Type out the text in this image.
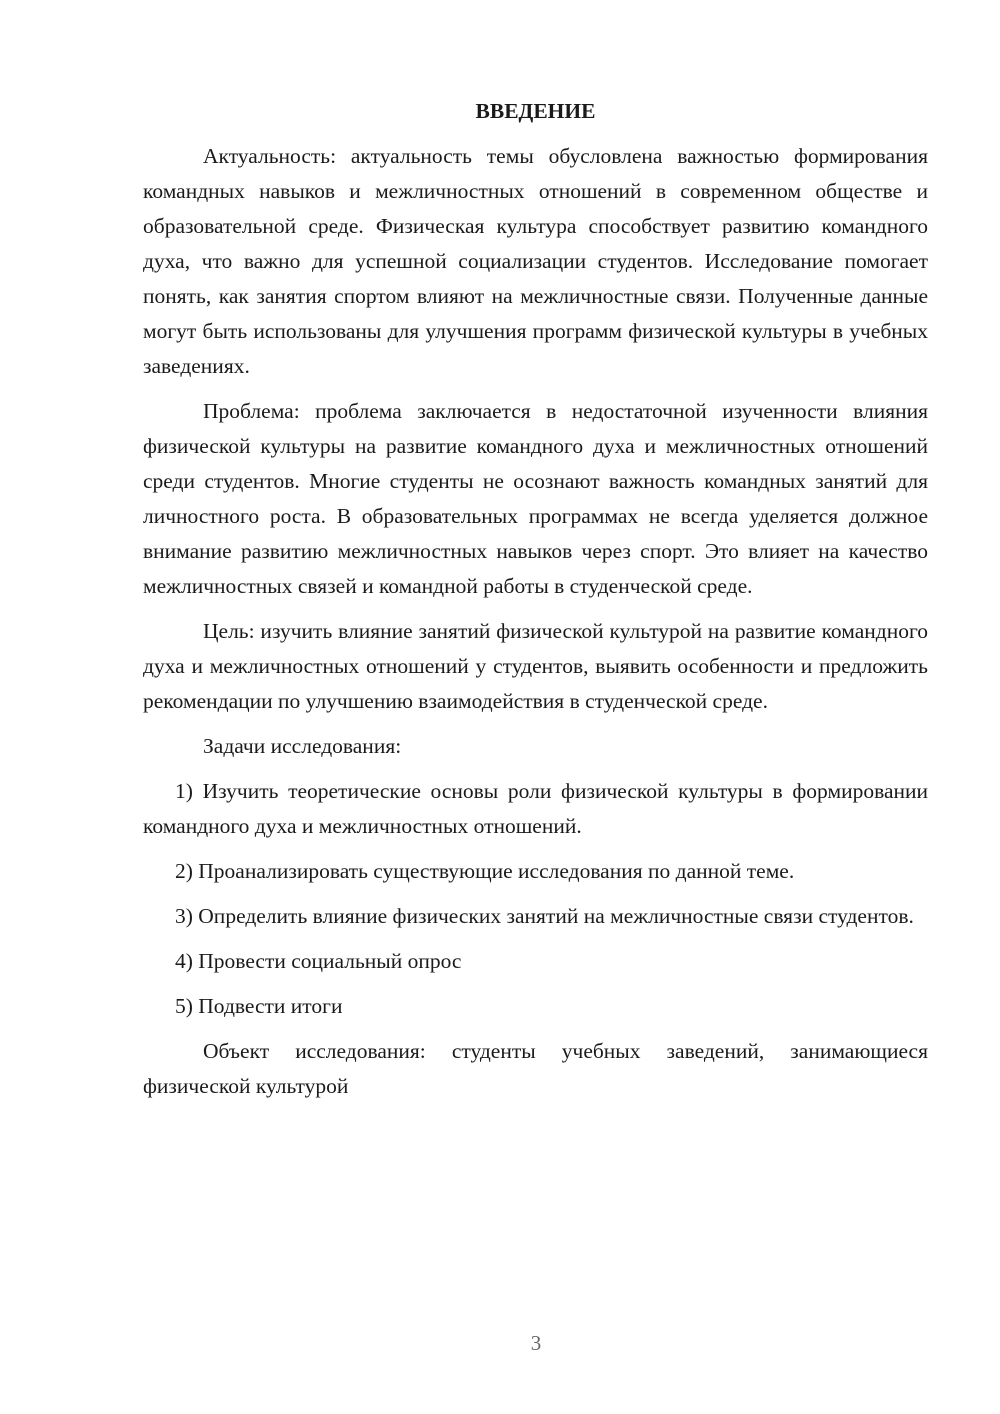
ВВЕДЕНИЕ

Актуальность: актуальность темы обусловлена важностью формирования командных навыков и межличностных отношений в современном обществе и образовательной среде. Физическая культура способствует развитию командного духа, что важно для успешной социализации студентов. Исследование помогает понять, как занятия спортом влияют на межличностные связи. Полученные данные могут быть использованы для улучшения программ физической культуры в учебных заведениях.

Проблема: проблема заключается в недостаточной изученности влияния физической культуры на развитие командного духа и межличностных отношений среди студентов. Многие студенты не осознают важность командных занятий для личностного роста. В образовательных программах не всегда уделяется должное внимание развитию межличностных навыков через спорт. Это влияет на качество межличностных связей и командной работы в студенческой среде.

Цель: изучить влияние занятий физической культурой на развитие командного духа и межличностных отношений у студентов, выявить особенности и предложить рекомендации по улучшению взаимодействия в студенческой среде.

Задачи исследования:

1) Изучить теоретические основы роли физической культуры в формировании командного духа и межличностных отношений.

2) Проанализировать существующие исследования по данной теме.

3) Определить влияние физических занятий на межличностные связи студентов.

4) Провести социальный опрос

5) Подвести итоги

Объект исследования: студенты учебных заведений, занимающиеся физической культурой

3
